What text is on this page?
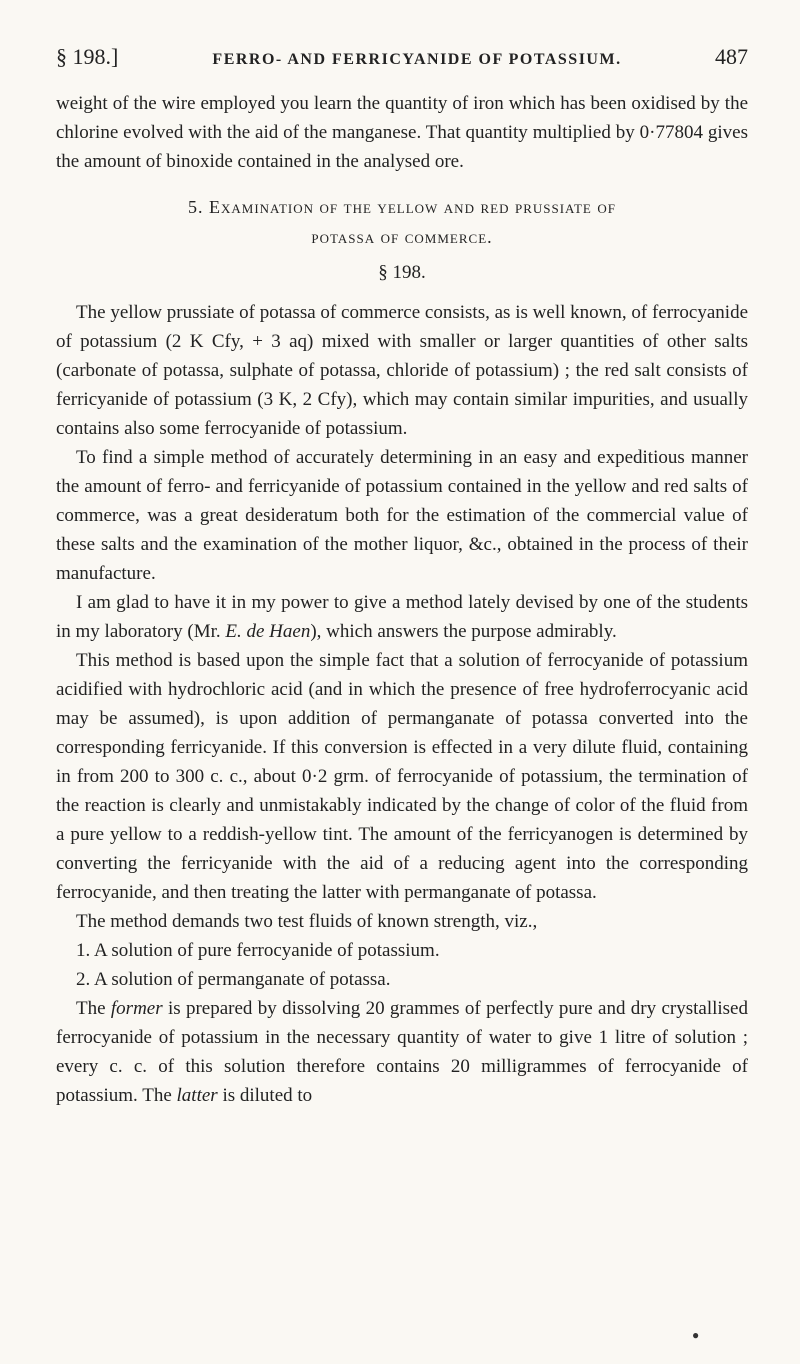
§ 198.]	FERRO- AND FERRICYANIDE OF POTASSIUM.	487

weight of the wire employed you learn the quantity of iron which has been oxidised by the chlorine evolved with the aid of the manganese. That quantity multiplied by 0·77804 gives the amount of binoxide contained in the analysed ore.

5. Examination of the yellow and red prussiate of
potassa of commerce.
§ 198.

The yellow prussiate of potassa of commerce consists, as is well known, of ferrocyanide of potassium (2 K Cfy, + 3 aq) mixed with smaller or larger quantities of other salts (carbonate of potassa, sulphate of potassa, chloride of potassium) ; the red salt consists of ferricyanide of potassium (3 K, 2 Cfy), which may contain similar impurities, and usually contains also some ferrocyanide of potassium.

To find a simple method of accurately determining in an easy and expeditious manner the amount of ferro- and ferricyanide of potassium contained in the yellow and red salts of commerce, was a great desideratum both for the estimation of the commercial value of these salts and the examination of the mother liquor, &c., obtained in the process of their manufacture.

I am glad to have it in my power to give a method lately devised by one of the students in my laboratory (Mr. E. de Haen), which answers the purpose admirably.

This method is based upon the simple fact that a solution of ferrocyanide of potassium acidified with hydrochloric acid (and in which the presence of free hydroferrocyanic acid may be assumed), is upon addition of permanganate of potassa converted into the corresponding ferricyanide. If this conversion is effected in a very dilute fluid, containing in from 200 to 300 c. c., about 0·2 grm. of ferrocyanide of potassium, the termination of the reaction is clearly and unmistakably indicated by the change of color of the fluid from a pure yellow to a reddish-yellow tint. The amount of the ferricyanogen is determined by converting the ferricyanide with the aid of a reducing agent into the corresponding ferrocyanide, and then treating the latter with permanganate of potassa.

The method demands two test fluids of known strength, viz.,

1. A solution of pure ferrocyanide of potassium.

2. A solution of permanganate of potassa.

The former is prepared by dissolving 20 grammes of perfectly pure and dry crystallised ferrocyanide of potassium in the necessary quantity of water to give 1 litre of solution ; every c. c. of this solution therefore contains 20 milligrammes of ferrocyanide of potassium. The latter is diluted to

●
